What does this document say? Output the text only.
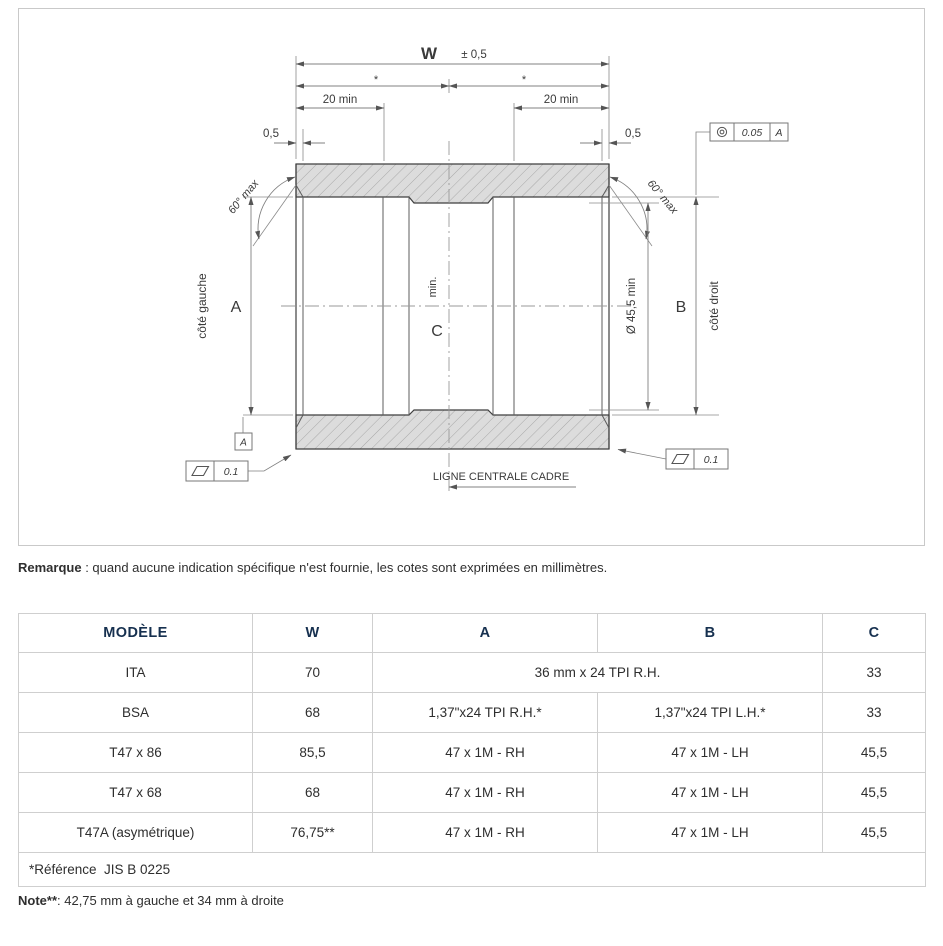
W ± 0,5
*	*
20 min	20 min
0,5	0,5
60° max	60° max
A	B
C
min.	Ø 45,5 min
côté gauche	côté droit
LIGNE CENTRALE CADRE
A
0.05 A
0.1
0.1
Remarque : quand aucune indication spécifique n'est fournie, les cotes sont exprimées en millimètres.
MODÈLE	W	A	B	C
ITA	70	36 mm x 24 TPI R.H.		33
BSA	68	1,37"x24 TPI R.H.*	1,37"x24 TPI L.H.*	33
T47 x 86	85,5	47 x 1M - RH	47 x 1M - LH	45,5
T47 x 68	68	47 x 1M - RH	47 x 1M - LH	45,5
T47A (asymétrique)	76,75**	47 x 1M - RH	47 x 1M - LH	45,5
*Référence  JIS B 0225				
Note**: 42,75 mm à gauche et 34 mm à droite
